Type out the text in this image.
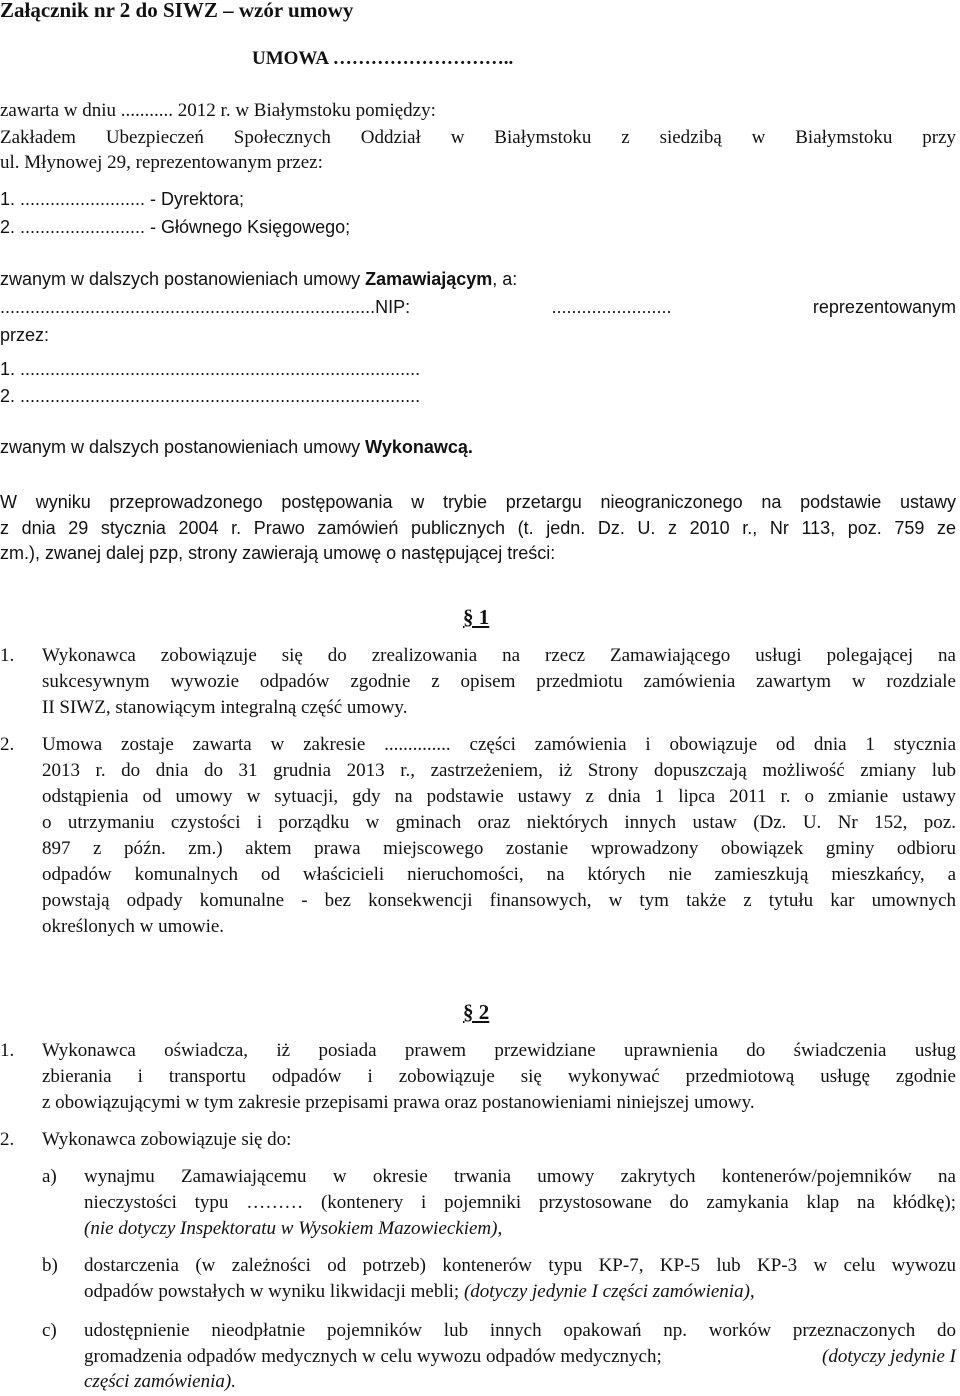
Załącznik nr 2 do SIWZ – wzór umowy
UMOWA ………………………..
zawarta w dniu ........... 2012 r. w Białymstoku pomiędzy:
Zakładem Ubezpieczeń Społecznych Oddział w Białymstoku z siedzibą w Białymstoku przy
ul. Młynowej 29, reprezentowanym przez:
1. ......................... - Dyrektora;
2. ......................... - Głównego Księgowego;
zwanym w dalszych postanowieniach umowy Zamawiającym, a:
...........................................................................NIP: ........................ reprezentowanym
przez:
1. ................................................................................
2. ................................................................................
zwanym w dalszych postanowieniach umowy Wykonawcą.
W wyniku przeprowadzonego postępowania w trybie przetargu nieograniczonego na podstawie ustawy
z dnia 29 stycznia 2004 r. Prawo zamówień publicznych (t. jedn. Dz. U. z 2010 r., Nr 113, poz. 759 ze
zm.), zwanej dalej pzp, strony zawierają umowę o następującej treści:
§ 1
1. Wykonawca zobowiązuje się do zrealizowania na rzecz Zamawiającego usługi polegającej na
sukcesywnym wywozie odpadów zgodnie z opisem przedmiotu zamówienia zawartym w rozdziale
II SIWZ, stanowiącym integralną część umowy.
2. Umowa zostaje zawarta w zakresie .............. części zamówienia i obowiązuje od dnia 1 stycznia
2013 r. do dnia do 31 grudnia 2013 r., zastrzeżeniem, iż Strony dopuszczają możliwość zmiany lub
odstąpienia od umowy w sytuacji, gdy na podstawie ustawy z dnia 1 lipca 2011 r. o zmianie ustawy
o utrzymaniu czystości i porządku w gminach oraz niektórych innych ustaw (Dz. U. Nr 152, poz.
897 z późn. zm.) aktem prawa miejscowego zostanie wprowadzony obowiązek gminy odbioru
odpadów komunalnych od właścicieli nieruchomości, na których nie zamieszkują mieszkańcy, a
powstają odpady komunalne - bez konsekwencji finansowych, w tym także z tytułu kar umownych
określonych w umowie.
§ 2
1. Wykonawca oświadcza, iż posiada prawem przewidziane uprawnienia do świadczenia usług
zbierania i transportu odpadów i zobowiązuje się wykonywać przedmiotową usługę zgodnie
z obowiązującymi w tym zakresie przepisami prawa oraz postanowieniami niniejszej umowy.
2. Wykonawca zobowiązuje się do:
a) wynajmu Zamawiającemu w okresie trwania umowy zakrytych kontenerów/pojemników na
nieczystości typu ……… (kontenery i pojemniki przystosowane do zamykania klap na kłódkę);
(nie dotyczy Inspektoratu w Wysokiem Mazowieckiem),
b) dostarczenia (w zależności od potrzeb) kontenerów typu KP-7, KP-5 lub KP-3 w celu wywozu
odpadów powstałych w wyniku likwidacji mebli; (dotyczy jedynie I części zamówienia),
c) udostępnienie nieodpłatnie pojemników lub innych opakowań np. worków przeznaczonych do
gromadzenia odpadów medycznych w celu wywozu odpadów medycznych;	(dotyczy jedynie I
części zamówienia).
